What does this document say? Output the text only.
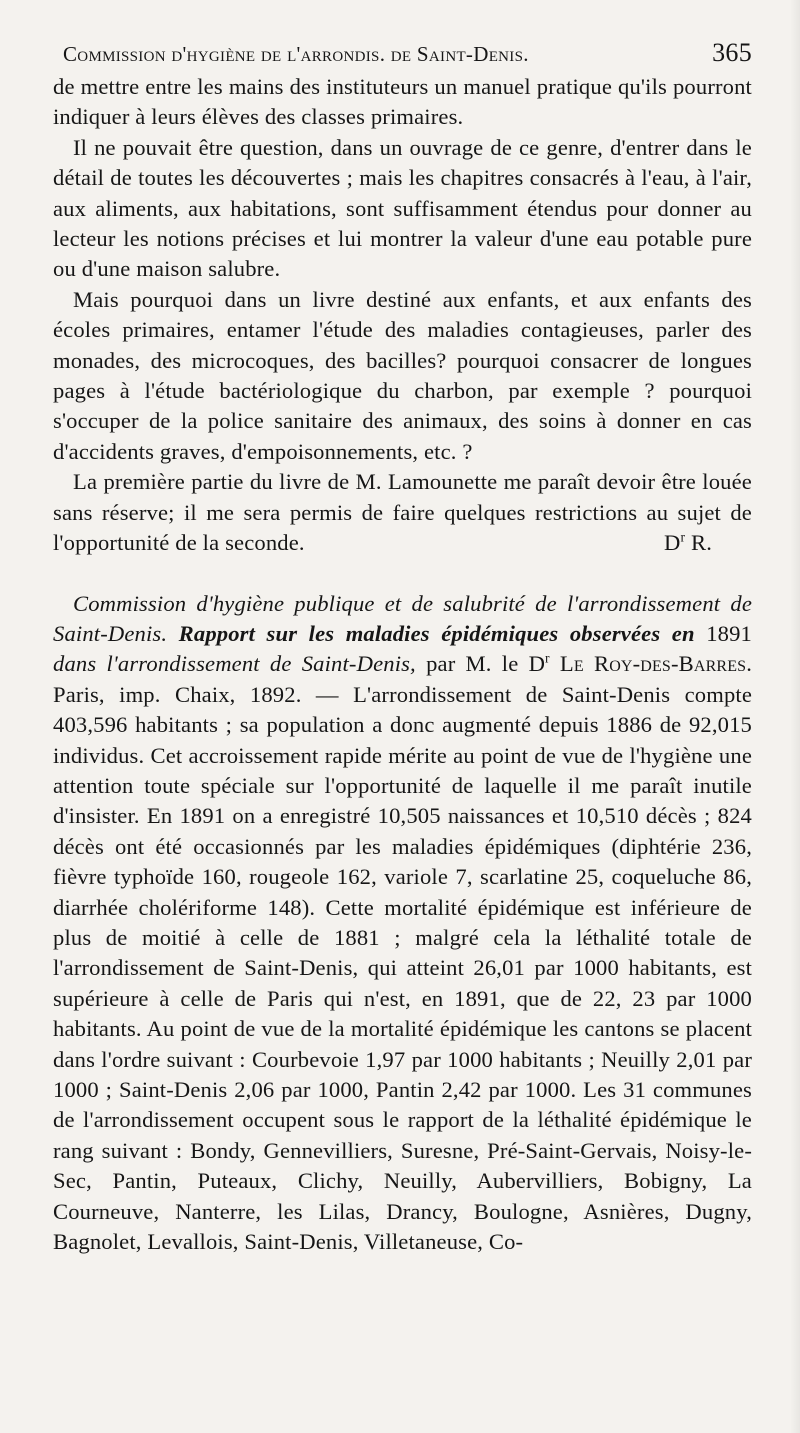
Commission d'hygiène de l'arrondis. de Saint-Denis.	365

de mettre entre les mains des instituteurs un manuel pratique qu'ils pourront indiquer à leurs élèves des classes primaires.

Il ne pouvait être question, dans un ouvrage de ce genre, d'entrer dans le détail de toutes les découvertes ; mais les chapitres consacrés à l'eau, à l'air, aux aliments, aux habitations, sont suffisamment étendus pour donner au lecteur les notions précises et lui montrer la valeur d'une eau potable pure ou d'une maison salubre.

Mais pourquoi dans un livre destiné aux enfants, et aux enfants des écoles primaires, entamer l'étude des maladies contagieuses, parler des monades, des microcoques, des bacilles? pourquoi consacrer de longues pages à l'étude bactériologique du charbon, par exemple ? pourquoi s'occuper de la police sanitaire des animaux, des soins à donner en cas d'accidents graves, d'empoisonnements, etc. ?

La première partie du livre de M. Lamounette me paraît devoir être louée sans réserve; il me sera permis de faire quelques restrictions au sujet de l'opportunité de la seconde.	$D^r$ R.

Commission d'hygiène publique et de salubrité de l'arrondissement de Saint-Denis. Rapport sur les maladies épidémiques observées en 1891 dans l'arrondissement de Saint-Denis, par M. le $D^r$ Le Roy-des-Barres. Paris, imp. Chaix, 1892. — L'arrondissement de Saint-Denis compte 403,596 habitants ; sa population a donc augmenté depuis 1886 de 92,015 individus. Cet accroissement rapide mérite au point de vue de l'hygiène une attention toute spéciale sur l'opportunité de laquelle il me paraît inutile d'insister. En 1891 on a enregistré 10,505 naissances et 10,510 décès ; 824 décès ont été occasionnés par les maladies épidémiques (diphtérie 236, fièvre typhoïde 160, rougeole 162, variole 7, scarlatine 25, coqueluche 86, diarrhée cholériforme 148). Cette mortalité épidémique est inférieure de plus de moitié à celle de 1881 ; malgré cela la léthalité totale de l'arrondissement de Saint-Denis, qui atteint 26,01 par 1000 habitants, est supérieure à celle de Paris qui n'est, en 1891, que de 22, 23 par 1000 habitants. Au point de vue de la mortalité épidémique les cantons se placent dans l'ordre suivant : Courbevoie 1,97 par 1000 habitants ; Neuilly 2,01 par 1000 ; Saint-Denis 2,06 par 1000, Pantin 2,42 par 1000. Les 31 communes de l'arrondissement occupent sous le rapport de la léthalité épidémique le rang suivant : Bondy, Gennevilliers, Suresne, Pré-Saint-Gervais, Noisy-le-Sec, Pantin, Puteaux, Clichy, Neuilly, Aubervilliers, Bobigny, La Courneuve, Nanterre, les Lilas, Drancy, Boulogne, Asnières, Dugny, Bagnolet, Levallois, Saint-Denis, Villetaneuse, Co-
